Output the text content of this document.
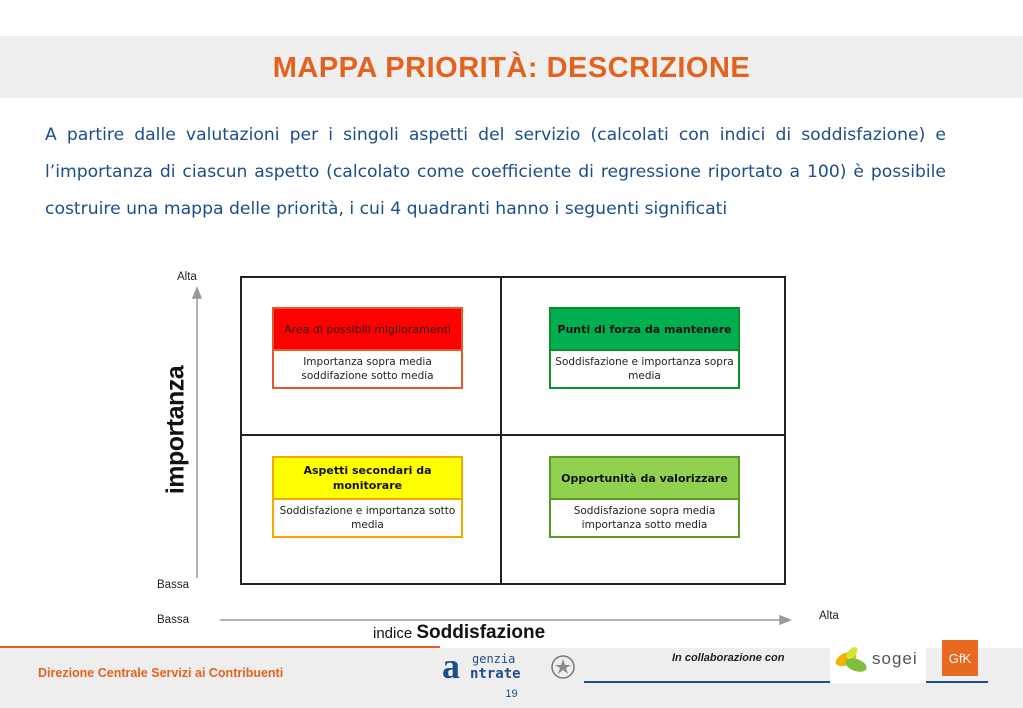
MAPPA PRIORITÀ: DESCRIZIONE
A partire dalle valutazioni per i singoli aspetti del servizio (calcolati con indici di soddisfazione) e l’importanza di ciascun aspetto (calcolato come coefficiente di regressione riportato a 100) è possibile costruire una mappa delle priorità, i cui 4 quadranti hanno i seguenti significati
Alta
Bassa
Bassa	Alta
importanza
indice Soddisfazione
Area di possibili miglioramenti
Importanza sopra media soddifazione sotto media
Punti di forza da mantenere
Soddisfazione e importanza sopra media
Aspetti secondari da monitorare
Soddisfazione e importanza sotto media
Opportunità da valorizzare
Soddisfazione sopra media importanza sotto media
Direzione Centrale Servizi ai Contribuenti	a genzia
ntrate
In collaborazione con	sogei GfK
19
